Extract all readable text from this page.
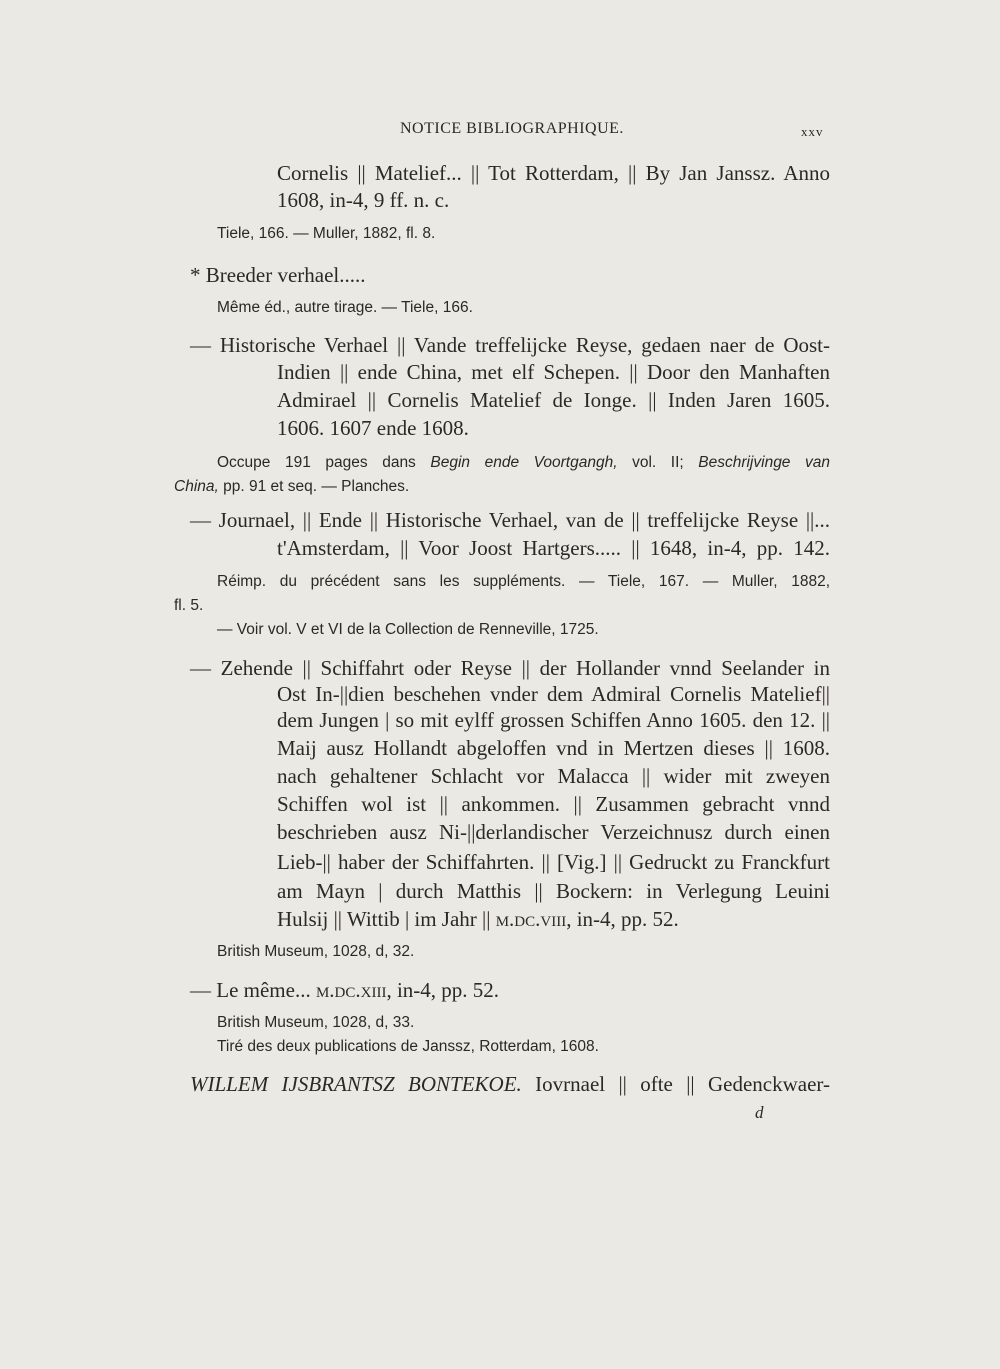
NOTICE BIBLIOGRAPHIQUE.	xxv
Cornelis || Matelief... || Tot Rotterdam, || By Jan Janssz. Anno
1608, in-4, 9 ff. n. c.
Tiele, 166. — Muller, 1882, fl. 8.
* Breeder verhael.....
Même éd., autre tirage. — Tiele, 166.
— Historische Verhael || Vande treffelijcke Reyse, gedaen naer de Oost-
Indien || ende China, met elf Schepen. || Door den Manhaften
Admirael || Cornelis Matelief de Ionge. || Inden Jaren 1605.
1606. 1607 ende 1608.
Occupe 191 pages dans Begin ende Voortgangh, vol. II; Beschrijvinge van
China, pp. 91 et seq. — Planches.
— Journael, || Ende || Historische Verhael, van de || treffelijcke Reyse ||...
t'Amsterdam, || Voor Joost Hartgers..... || 1648, in-4, pp. 142.
Réimp. du précédent sans les suppléments. — Tiele, 167. — Muller, 1882,
fl. 5.
— Voir vol. V et VI de la Collection de Renneville, 1725.
— Zehende || Schiffahrt oder Reyse || der Hollander vnnd Seelander in
Ost In-||dien beschehen vnder dem Admiral Cornelis Matelief||
dem Jungen | so mit eylff grossen Schiffen Anno 1605. den 12. ||
Maij ausz Hollandt abgeloffen vnd in Mertzen dieses || 1608.
nach gehaltener Schlacht vor Malacca || wider mit zweyen
Schiffen wol ist || ankommen. || Zusammen gebracht vnnd
beschrieben ausz Ni-||derlandischer Verzeichnusz durch einen
Lieb-|| haber der Schiffahrten. || [Vig.] || Gedruckt zu Franckfurt
am Mayn | durch Matthis || Bockern: in Verlegung Leuini
Hulsij || Wittib | im Jahr || m.dc.viii, in-4, pp. 52.
British Museum, 1028, d, 32.
— Le même... m.dc.xiii, in-4, pp. 52.
British Museum, 1028, d, 33.
Tiré des deux publications de Janssz, Rotterdam, 1608.
WILLEM IJSBRANTSZ BONTEKOE. Iovrnael || ofte || Gedenckwaer-
d
